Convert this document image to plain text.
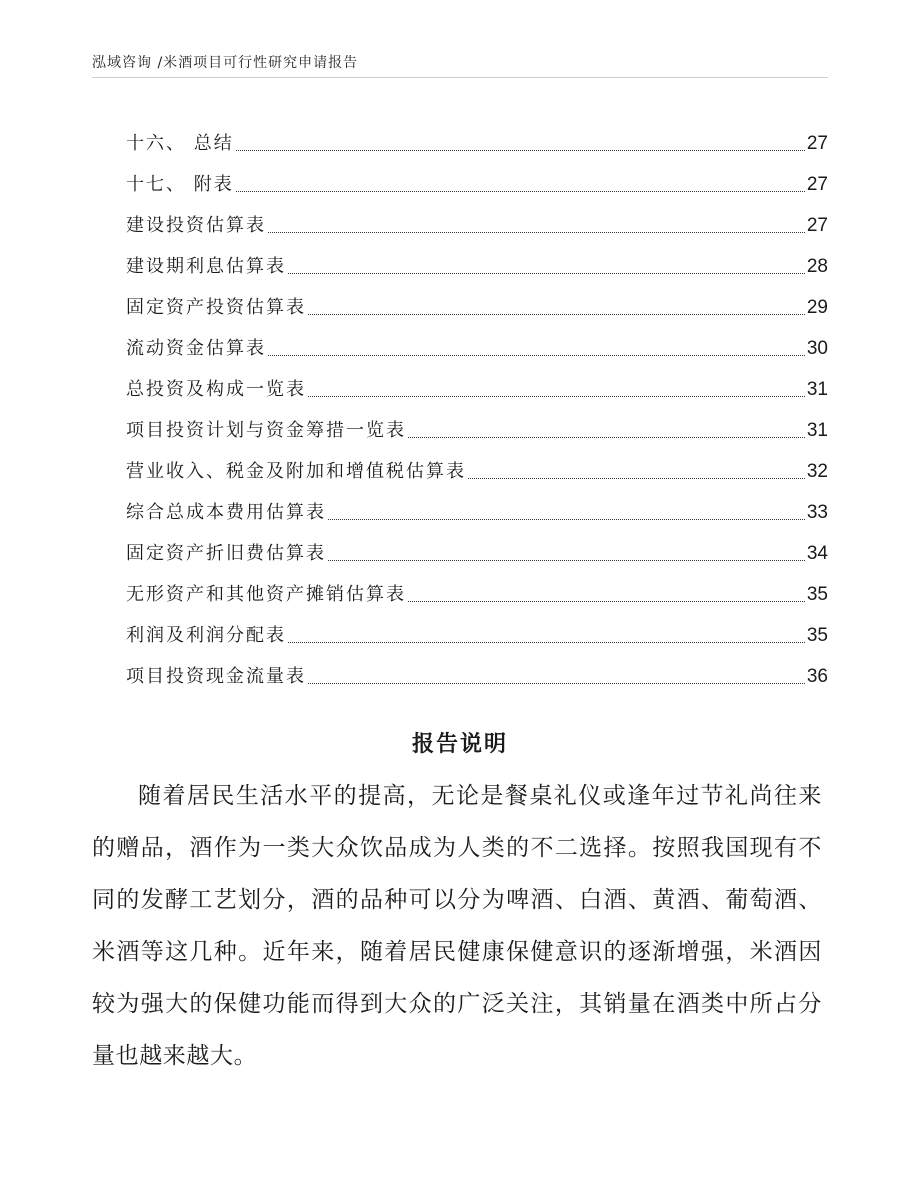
泓域咨询 /米酒项目可行性研究申请报告
十六、 总结	27
十七、 附表	27
建设投资估算表	27
建设期利息估算表	28
固定资产投资估算表	29
流动资金估算表	30
总投资及构成一览表	31
项目投资计划与资金筹措一览表	31
营业收入、税金及附加和增值税估算表	32
综合总成本费用估算表	33
固定资产折旧费估算表	34
无形资产和其他资产摊销估算表	35
利润及利润分配表	35
项目投资现金流量表	36
报告说明

随着居民生活水平的提高，无论是餐桌礼仪或逢年过节礼尚往来的赠品，酒作为一类大众饮品成为人类的不二选择。按照我国现有不同的发酵工艺划分，酒的品种可以分为啤酒、白酒、黄酒、葡萄酒、米酒等这几种。近年来，随着居民健康保健意识的逐渐增强，米酒因较为强大的保健功能而得到大众的广泛关注，其销量在酒类中所占分量也越来越大。
